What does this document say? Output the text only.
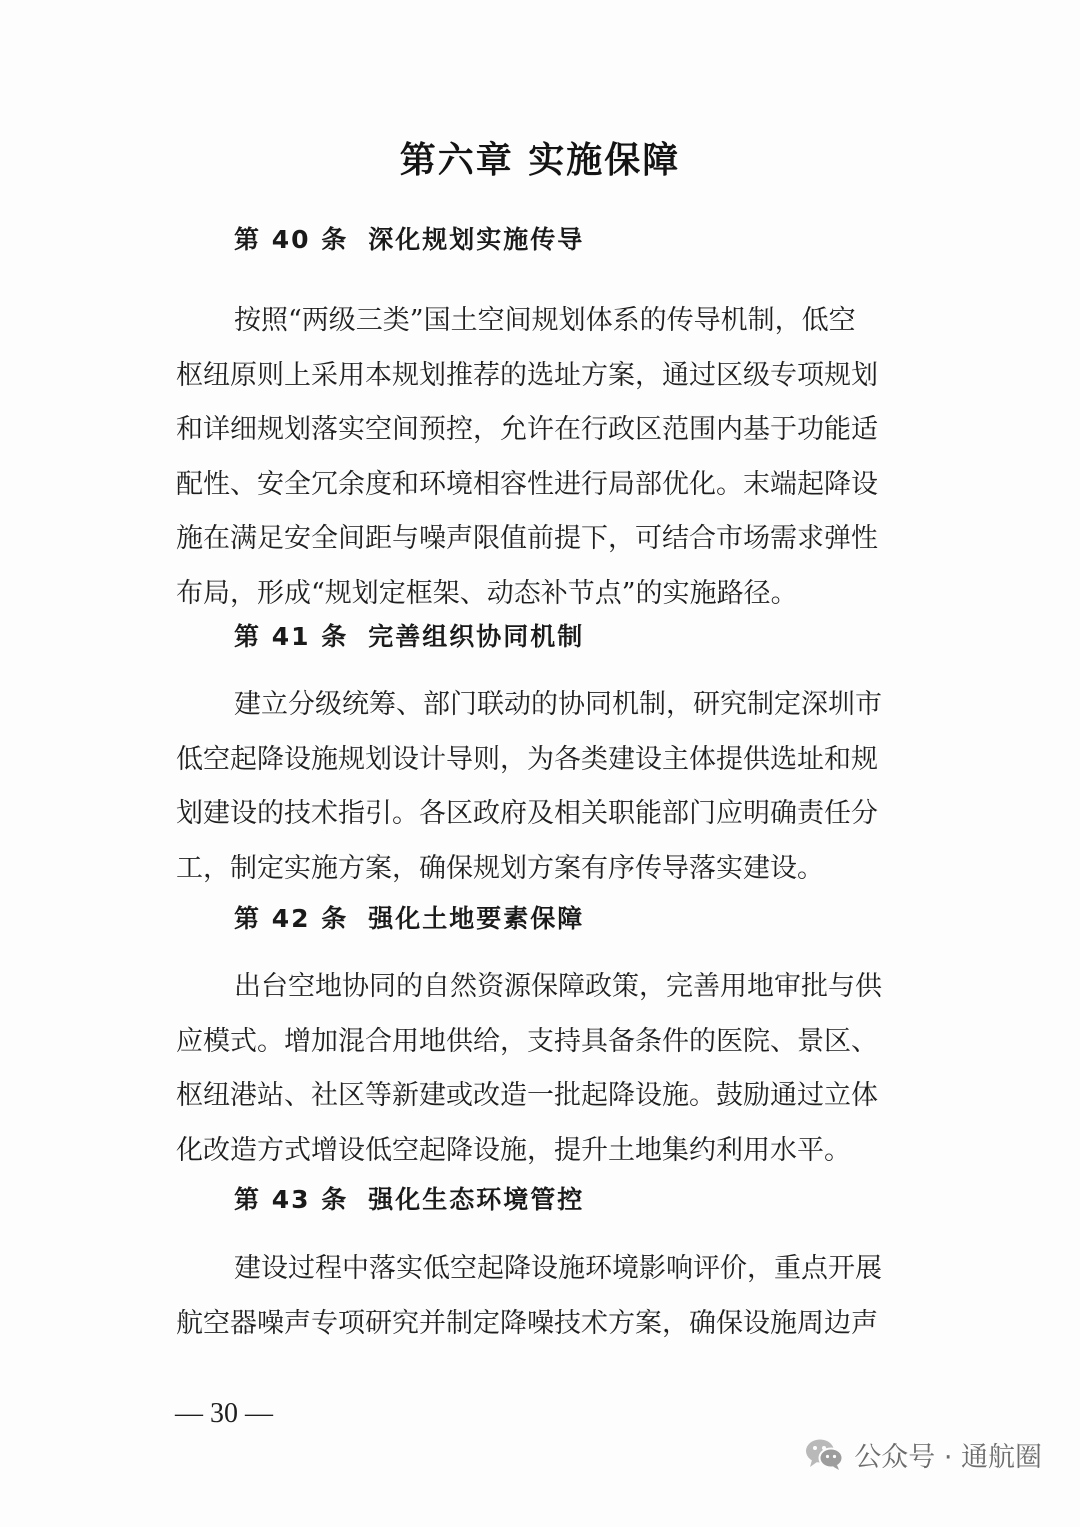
第六章 实施保障
第 40 条 深化规划实施传导
按照“两级三类”国土空间规划体系的传导机制，低空
枢纽原则上采用本规划推荐的选址方案，通过区级专项规划
和详细规划落实空间预控，允许在行政区范围内基于功能适
配性、安全冗余度和环境相容性进行局部优化。末端起降设
施在满足安全间距与噪声限值前提下，可结合市场需求弹性
布局，形成“规划定框架、动态补节点”的实施路径。
第 41 条 完善组织协同机制
建立分级统筹、部门联动的协同机制，研究制定深圳市
低空起降设施规划设计导则，为各类建设主体提供选址和规
划建设的技术指引。各区政府及相关职能部门应明确责任分
工，制定实施方案，确保规划方案有序传导落实建设。
第 42 条 强化土地要素保障
出台空地协同的自然资源保障政策，完善用地审批与供
应模式。增加混合用地供给，支持具备条件的医院、景区、
枢纽港站、社区等新建或改造一批起降设施。鼓励通过立体
化改造方式增设低空起降设施，提升土地集约利用水平。
第 43 条 强化生态环境管控
建设过程中落实低空起降设施环境影响评价，重点开展
航空器噪声专项研究并制定降噪技术方案，确保设施周边声
— 30 —
公众号 · 通航圈
